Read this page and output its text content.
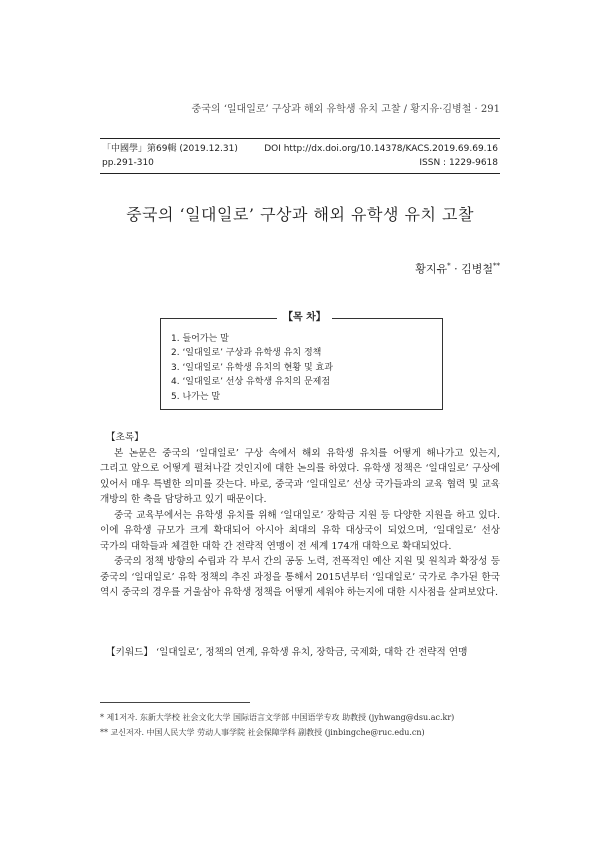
중국의 ‘일대일로’ 구상과 해외 유학생 유치 고찰 / 황지유·김병철 · 291
「中國學」第69輯 (2019.12.31)	DOI http://dx.doi.org/10.14378/KACS.2019.69.69.16
pp.291-310	ISSN : 1229-9618
중국의 ‘일대일로’ 구상과 해외 유학생 유치 고찰
황지유* · 김병철**
【목 차】
1. 들어가는 말
2. ‘일대일로’ 구상과 유학생 유치 정책
3. ‘일대일로’ 유학생 유치의 현황 및 효과
4. ‘일대일로’ 선상 유학생 유치의 문제점
5. 나가는 말
【초록】

본 논문은 중국의 ‘일대일로’ 구상 속에서 해외 유학생 유치를 어떻게 해나가고 있는지, 그리고 앞으로 어떻게 펼쳐나갈 것인지에 대한 논의를 하였다. 유학생 정책은 ‘일대일로’ 구상에 있어서 매우 특별한 의미를 갖는다. 바로, 중국과 ‘일대일로’ 선상 국가들과의 교육 협력 및 교육 개방의 한 축을 담당하고 있기 때문이다.

중국 교육부에서는 유학생 유치를 위해 ‘일대일로’ 장학금 지원 등 다양한 지원을 하고 있다. 이에 유학생 규모가 크게 확대되어 아시아 최대의 유학 대상국이 되었으며, ‘일대일로’ 선상 국가의 대학들과 체결한 대학 간 전략적 연맹이 전 세계 174개 대학으로 확대되었다.

중국의 정책 방향의 수립과 각 부서 간의 공동 노력, 전폭적인 예산 지원 및 원칙과 확장성 등 중국의 ‘일대일로’ 유학 정책의 추진 과정을 통해서 2015년부터 ‘일대일로’ 국가로 추가된 한국 역시 중국의 경우를 거울삼아 유학생 정책을 어떻게 세워야 하는지에 대한 시사점을 살펴보았다.

【키워드】 ‘일대일로’, 정책의 연계, 유학생 유치, 장학금, 국제화, 대학 간 전략적 연맹
* 제1저자. 东新大学校 社会文化大学 国际语言文学部 中国语学专攻 助教授 (jyhwang@dsu.ac.kr)
** 교신저자. 中国人民大学 劳动人事学院 社会保障学科 副教授 (jinbingche@ruc.edu.cn)
